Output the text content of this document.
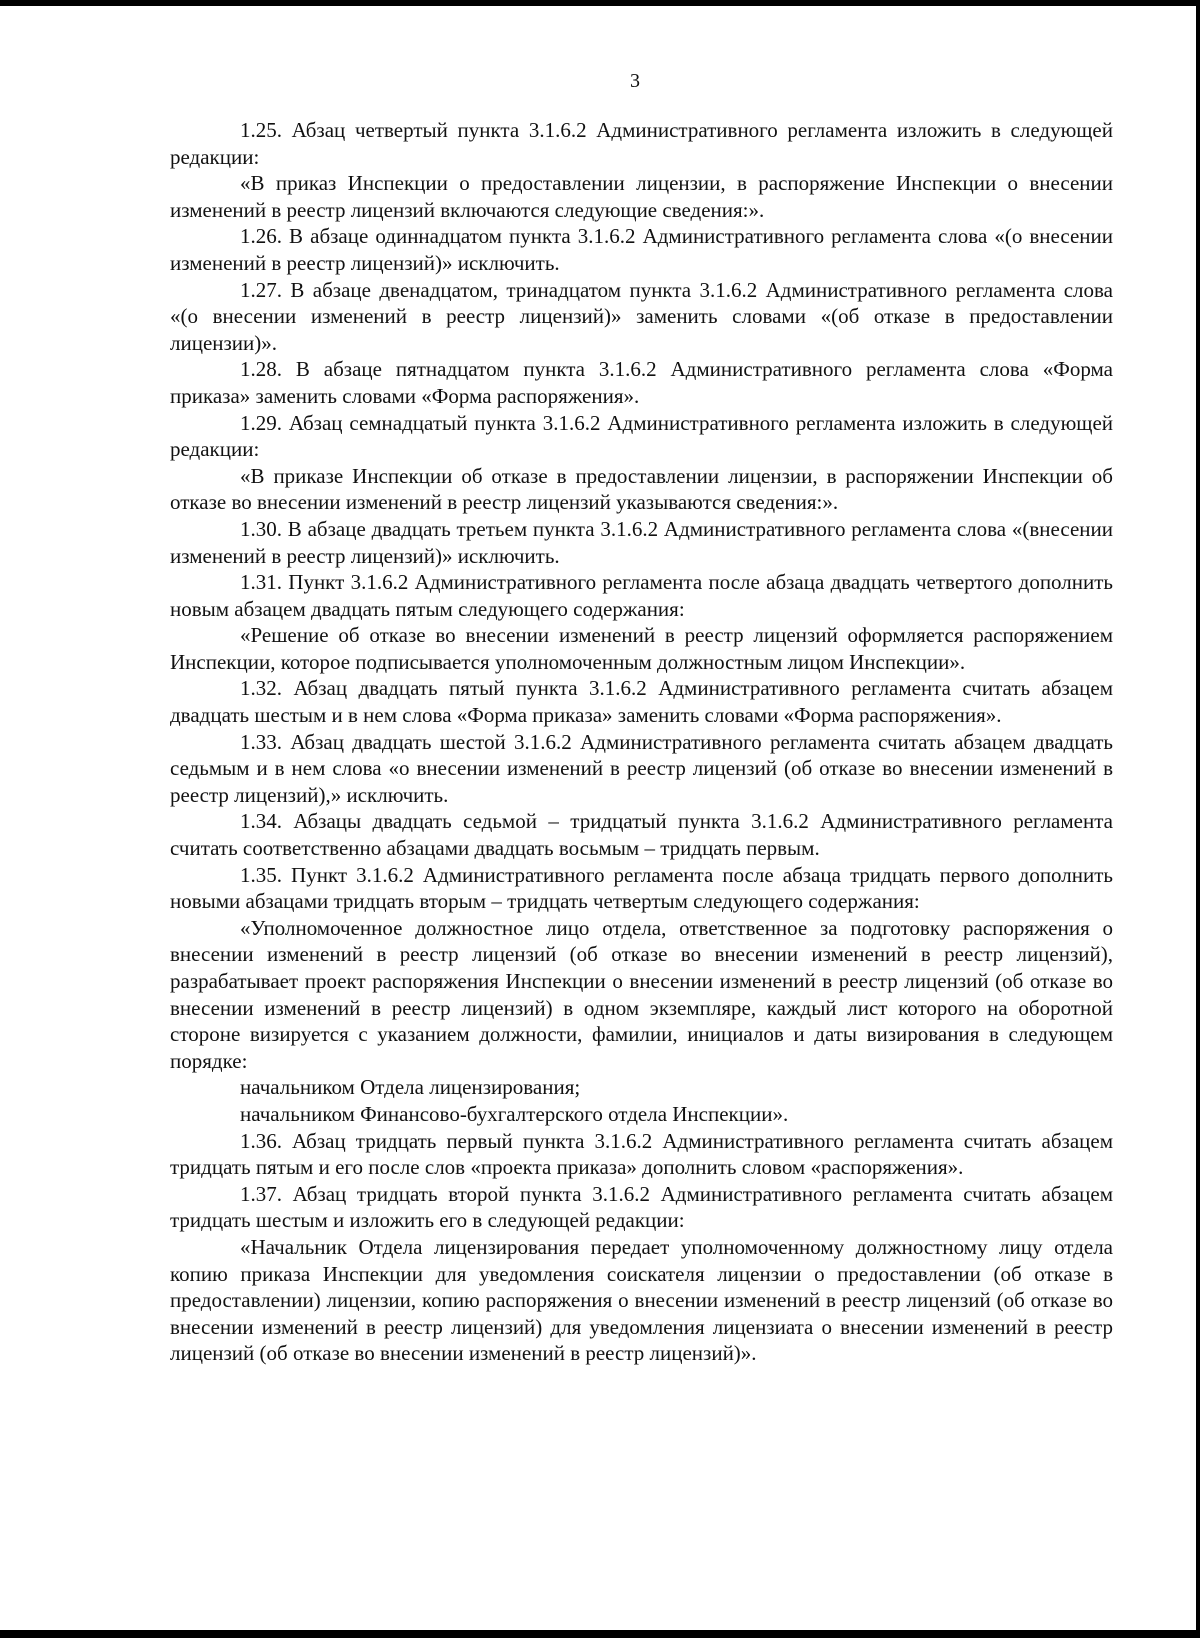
3

1.25. Абзац четвертый пункта 3.1.6.2 Административного регламента изложить в следующей редакции:

«В приказ Инспекции о предоставлении лицензии, в распоряжение Инспекции о внесении изменений в реестр лицензий включаются следующие сведения:».

1.26. В абзаце одиннадцатом пункта 3.1.6.2 Административного регламента слова «(о внесении изменений в реестр лицензий)» исключить.

1.27. В абзаце двенадцатом, тринадцатом пункта 3.1.6.2 Административного регламента слова «(о внесении изменений в реестр лицензий)» заменить словами «(об отказе в предоставлении лицензии)».

1.28. В абзаце пятнадцатом пункта 3.1.6.2 Административного регламента слова «Форма приказа» заменить словами «Форма распоряжения».

1.29. Абзац семнадцатый пункта 3.1.6.2 Административного регламента изложить в следующей редакции:

«В приказе Инспекции об отказе в предоставлении лицензии, в распоряжении Инспекции об отказе во внесении изменений в реестр лицензий указываются сведения:».

1.30. В абзаце двадцать третьем пункта 3.1.6.2 Административного регламента слова «(внесении изменений в реестр лицензий)» исключить.

1.31. Пункт 3.1.6.2 Административного регламента после абзаца двадцать четвертого дополнить новым абзацем двадцать пятым следующего содержания:

«Решение об отказе во внесении изменений в реестр лицензий оформляется распоряжением Инспекции, которое подписывается уполномоченным должностным лицом Инспекции».

1.32. Абзац двадцать пятый пункта 3.1.6.2 Административного регламента считать абзацем двадцать шестым и в нем слова «Форма приказа» заменить словами «Форма распоряжения».

1.33. Абзац двадцать шестой 3.1.6.2 Административного регламента считать абзацем двадцать седьмым и в нем слова «о внесении изменений в реестр лицензий (об отказе во внесении изменений в реестр лицензий),» исключить.

1.34. Абзацы двадцать седьмой – тридцатый пункта 3.1.6.2 Административного регламента считать соответственно абзацами двадцать восьмым – тридцать первым.

1.35. Пункт 3.1.6.2 Административного регламента после абзаца тридцать первого дополнить новыми абзацами тридцать вторым – тридцать четвертым следующего содержания:

«Уполномоченное должностное лицо отдела, ответственное за подготовку распоряжения о внесении изменений в реестр лицензий (об отказе во внесении изменений в реестр лицензий), разрабатывает проект распоряжения Инспекции о внесении изменений в реестр лицензий (об отказе во внесении изменений в реестр лицензий) в одном экземпляре, каждый лист которого на оборотной стороне визируется с указанием должности, фамилии, инициалов и даты визирования в следующем порядке:

начальником Отдела лицензирования;

начальником Финансово-бухгалтерского отдела Инспекции».

1.36. Абзац тридцать первый пункта 3.1.6.2 Административного регламента считать абзацем тридцать пятым и его после слов «проекта приказа» дополнить словом «распоряжения».

1.37. Абзац тридцать второй пункта 3.1.6.2 Административного регламента считать абзацем тридцать шестым и изложить его в следующей редакции:

«Начальник Отдела лицензирования передает уполномоченному должностному лицу отдела копию приказа Инспекции для уведомления соискателя лицензии о предоставлении (об отказе в предоставлении) лицензии, копию распоряжения о внесении изменений в реестр лицензий (об отказе во внесении изменений в реестр лицензий) для уведомления лицензиата о внесении изменений в реестр лицензий (об отказе во внесении изменений в реестр лицензий)».
